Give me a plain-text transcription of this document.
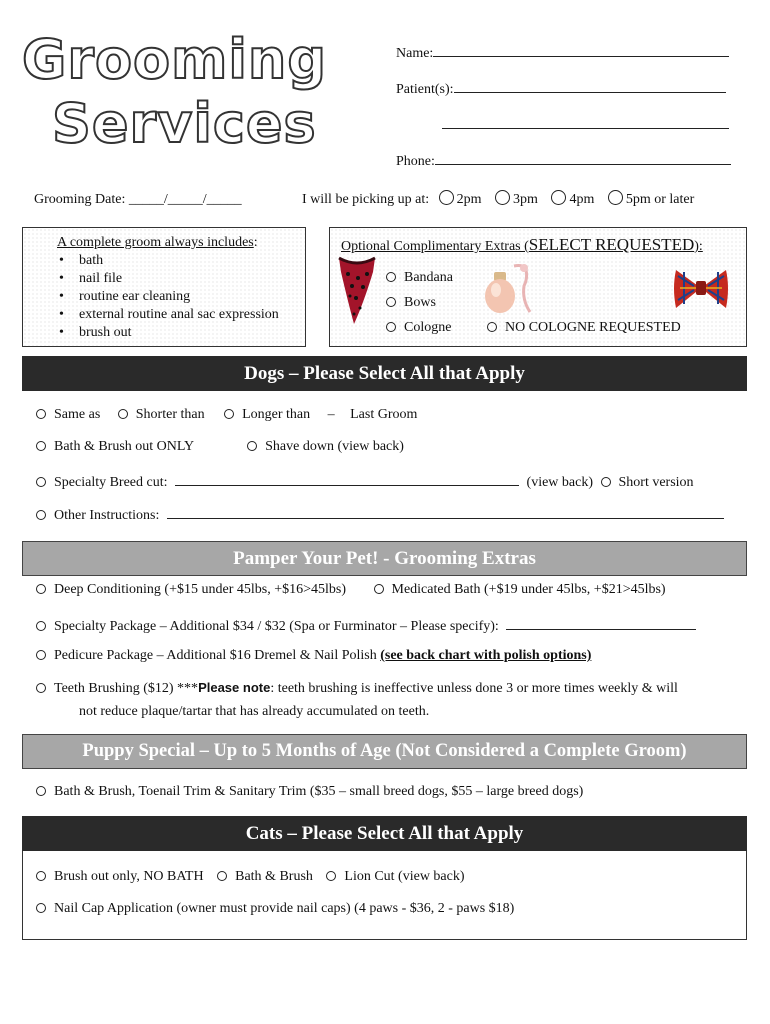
Grooming
Services
Name:
Patient(s):
Phone:
Grooming Date: _____/_____/_____	I will be picking up at: 2pm 3pm 4pm 5pm or later
A complete groom always includes:
• bath
• nail file
• routine ear cleaning
• external routine anal sac expression
• brush out
Optional Complimentary Extras (SELECT REQUESTED):
Bandana
Bows
Cologne	NO COLOGNE REQUESTED
Dogs – Please Select All that Apply
Same as	Shorter than	Longer than – Last Groom
Bath & Brush out ONLY	Shave down (view back)
Specialty Breed cut:	(view back) Short version
Other Instructions:
Pamper Your Pet! - Grooming Extras
Deep Conditioning (+$15 under 45lbs, +$16>45lbs)	Medicated Bath (+$19 under 45lbs, +$21>45lbs)
Specialty Package – Additional $34 / $32 (Spa or Furminator – Please specify):
Pedicure Package – Additional $16 Dremel & Nail Polish (see back chart with polish options)
Teeth Brushing ($12) ***Please note: teeth brushing is ineffective unless done 3 or more times weekly & will
not reduce plaque/tartar that has already accumulated on teeth.
Puppy Special – Up to 5 Months of Age (Not Considered a Complete Groom)
Bath & Brush, Toenail Trim & Sanitary Trim ($35 – small breed dogs, $55 – large breed dogs)
Cats – Please Select All that Apply
Brush out only, NO BATH Bath & Brush Lion Cut (view back)
Nail Cap Application (owner must provide nail caps) (4 paws - $36, 2 - paws $18)
